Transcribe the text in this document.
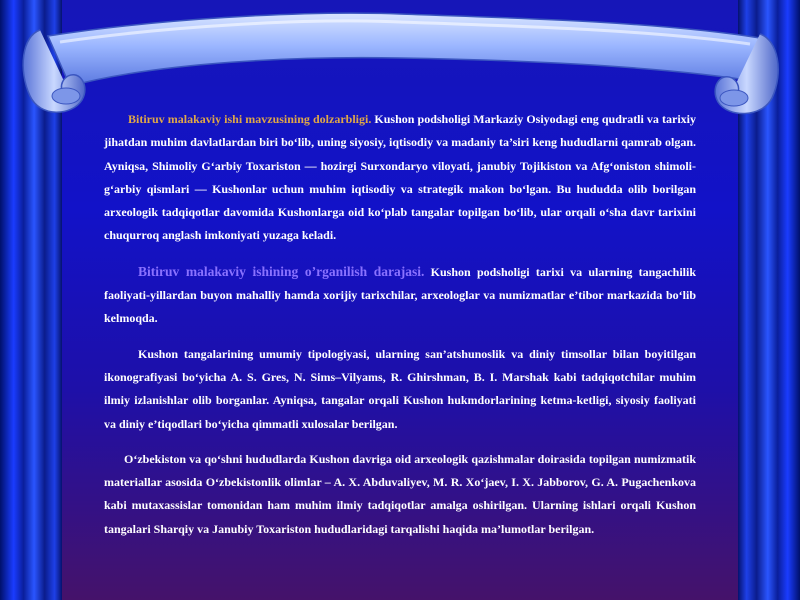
Bitiruv malakaviy ishi mavzusining dolzarbligi. Kushon podsholigi Markaziy Osiyodagi eng qudratli va tarixiy jihatdan muhim davlatlardan biri bo‘lib, uning siyosiy, iqtisodiy va madaniy ta’siri keng hududlarni qamrab olgan. Ayniqsa, Shimoliy G‘arbiy Toxariston — hozirgi Surxondaryo viloyati, janubiy Tojikiston va Afg‘oniston shimoli-g‘arbiy qismlari — Kushonlar uchun muhim iqtisodiy va strategik makon bo‘lgan. Bu hududda olib borilgan arxeologik tadqiqotlar davomida Kushonlarga oid ko‘plab tangalar topilgan bo‘lib, ular orqali o‘sha davr tarixini chuqurroq anglash imkoniyati yuzaga keladi.

Bitiruv malakaviy ishining o’rganilish darajasi. Kushon podsholigi tarixi va ularning tangachilik faoliyati-yillardan buyon mahalliy hamda xorijiy tarixchilar, arxeologlar va numizmatlar e’tibor markazida bo‘lib kelmoqda.

Kushon tangalarining umumiy tipologiyasi, ularning san’atshunoslik va diniy timsollar bilan boyitilgan ikonografiyasi bo‘yicha A. S. Gres, N. Sims–Vilyams, R. Ghirshman, B. I. Marshak kabi tadqiqotchilar muhim ilmiy izlanishlar olib borganlar. Ayniqsa, tangalar orqali Kushon hukmdorlarining ketma-ketligi, siyosiy faoliyati va diniy e’tiqodlari bo‘yicha qimmatli xulosalar berilgan.

O‘zbekiston va qo‘shni hududlarda Kushon davriga oid arxeologik qazishmalar doirasida topilgan numizmatik materiallar asosida O‘zbekistonlik olimlar – A. X. Abduvaliyev, M. R. Xo‘jaev, I. X. Jabborov, G. A. Pugachenkova kabi mutaxassislar tomonidan ham muhim ilmiy tadqiqotlar amalga oshirilgan. Ularning ishlari orqali Kushon tangalari Sharqiy va Janubiy Toxariston hududlaridagi tarqalishi haqida ma’lumotlar berilgan.
